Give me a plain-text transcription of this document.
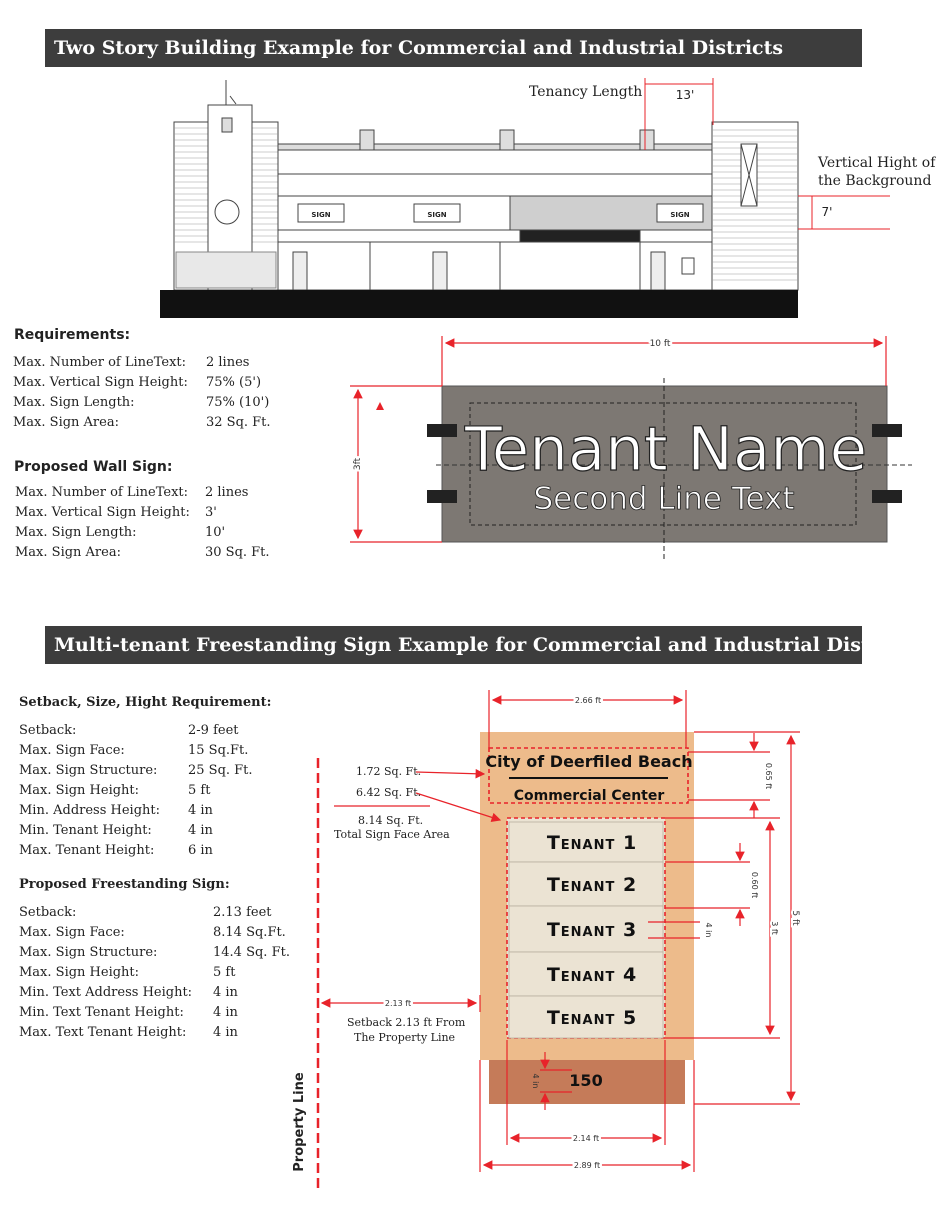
Two Story Building Example for Commercial and Industrial Districts
SIGN	SIGN	SIGN
13'
7'
Tenancy Length
Vertical Hight of
the Background
Requirements:
Max. Number of LineText: 2 lines
Max. Vertical Sign Height: 75% (5')
Max. Sign Length:	75% (10')
Max. Sign Area:	32 Sq. Ft.
Proposed Wall Sign:
Max. Number of LineText: 2 lines
Max. Vertical Sign Height: 3'
Max. Sign Length:	10'
Max. Sign Area:	30 Sq. Ft.
10 ft
3ft Tenant Name
Second Line Text
Multi-tenant Freestanding Sign Example for Commercial and Industrial Districts
Setback, Size, Hight Requirement:
Setback:	2-9 feet
Max. Sign Face:	15 Sq.Ft.
Max. Sign Structure: 25 Sq. Ft.
Max. Sign Height:	5 ft
Min. Address Height: 4 in
Min. Tenant Height:	4 in
Max. Tenant Height:	6 in
Proposed Freestanding Sign:
Setback:	2.13 feet
Max. Sign Face:	8.14 Sq.Ft.
Max. Sign Structure:	14.4 Sq. Ft.
Max. Sign Height:	5 ft
Min. Text Address Height: 4 in
Min. Text Tenant Height: 4 in
Max. Text Tenant Height: 4 in
Property Line
City of Deerfiled Beach
Commercial Center
Tenant 1
Tenant 2
Tenant 3
Tenant 4
Tenant 5
150
2.66 ft
0.65 ft
5 ft
3 ft
0.60 ft
4 in
2.14 ft
2.89 ft
2.13 ft
4 in
1.72 Sq. Ft.
6.42 Sq. Ft.
8.14 Sq. Ft.
Total Sign Face Area
Setback 2.13 ft From
The Property Line
